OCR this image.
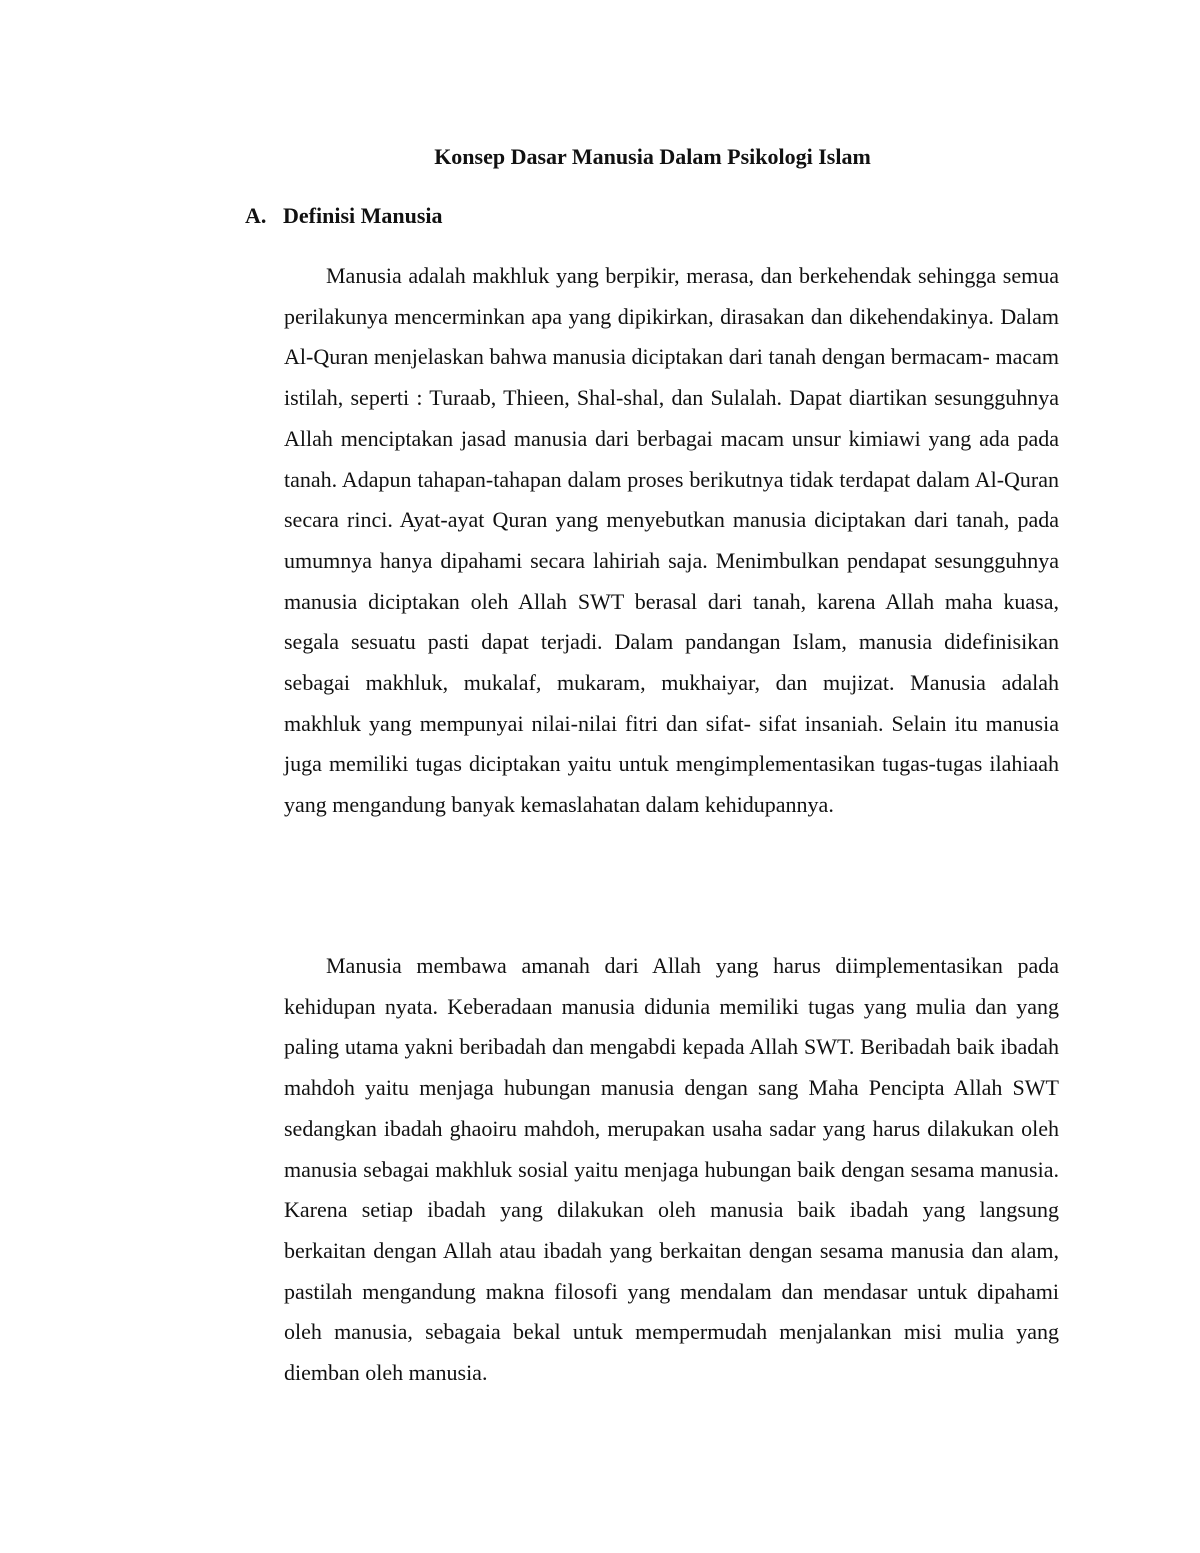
Konsep Dasar Manusia Dalam Psikologi Islam
A. Definisi Manusia

Manusia adalah makhluk yang berpikir, merasa, dan berkehendak sehingga semua perilakunya mencerminkan apa yang dipikirkan, dirasakan dan dikehendakinya. Dalam Al-Quran menjelaskan bahwa manusia diciptakan dari tanah dengan bermacam- macam istilah, seperti : Turaab, Thieen, Shal-shal, dan Sulalah. Dapat diartikan sesungguhnya Allah menciptakan jasad manusia dari berbagai macam unsur kimiawi yang ada pada tanah. Adapun tahapan-tahapan dalam proses berikutnya tidak terdapat dalam Al-Quran secara rinci. Ayat-ayat Quran yang menyebutkan manusia diciptakan dari tanah, pada umumnya hanya dipahami secara lahiriah saja. Menimbulkan pendapat sesungguhnya manusia diciptakan oleh Allah SWT berasal dari tanah, karena Allah maha kuasa, segala sesuatu pasti dapat terjadi. Dalam pandangan Islam, manusia didefinisikan sebagai makhluk, mukalaf, mukaram, mukhaiyar, dan mujizat. Manusia adalah makhluk yang mempunyai nilai-nilai fitri dan sifat- sifat insaniah. Selain itu manusia juga memiliki tugas diciptakan yaitu untuk mengimplementasikan tugas-tugas ilahiaah yang mengandung banyak kemaslahatan dalam kehidupannya.

Manusia membawa amanah dari Allah yang harus diimplementasikan pada kehidupan nyata. Keberadaan manusia didunia memiliki tugas yang mulia dan yang paling utama yakni beribadah dan mengabdi kepada Allah SWT. Beribadah baik ibadah mahdoh yaitu menjaga hubungan manusia dengan sang Maha Pencipta Allah SWT sedangkan ibadah ghaoiru mahdoh, merupakan usaha sadar yang harus dilakukan oleh manusia sebagai makhluk sosial yaitu menjaga hubungan baik dengan sesama manusia. Karena setiap ibadah yang dilakukan oleh manusia baik ibadah yang langsung berkaitan dengan Allah atau ibadah yang berkaitan dengan sesama manusia dan alam, pastilah mengandung makna filosofi yang mendalam dan mendasar untuk dipahami oleh manusia, sebagaia bekal untuk mempermudah menjalankan misi mulia yang diemban oleh manusia.
